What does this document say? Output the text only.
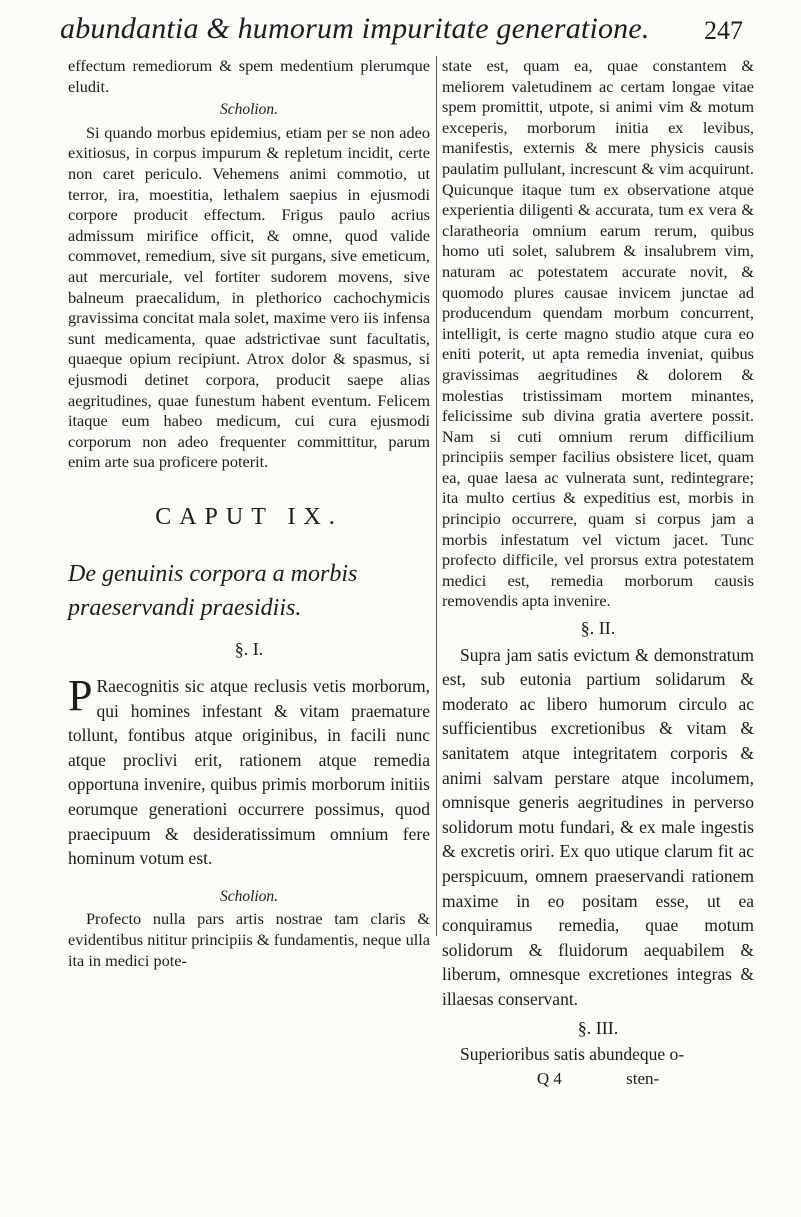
abundantia & humorum impuritate generatione. 247

effectum remediorum & spem medentium plerumque eludit.

Scholion.

Si quando morbus epidemius, etiam per se non adeo exitiosus, in corpus impurum & repletum incidit, certe non caret periculo. Vehemens animi commotio, ut terror, ira, moestitia, lethalem saepius in ejusmodi corpore producit effectum. Frigus paulo acrius admissum mirifice officit, & omne, quod valide commovet, remedium, sive sit purgans, sive emeticum, aut mercuriale, vel fortiter sudorem movens, sive balneum praecalidum, in plethorico cachochymicis gravissima concitat mala solet, maxime vero iis infensa sunt medicamenta, quae adstrictivae sunt facultatis, quaeque opium recipiunt. Atrox dolor & spasmus, si ejusmodi detinet corpora, producit saepe alias aegritudines, quae funestum habent eventum. Felicem itaque eum habeo medicum, cui cura ejusmodi corporum non adeo frequenter committitur, parum enim arte sua proficere poterit.

CAPUT IX.
De genuinis corpora a morbis praeservandi praesidiis.
§. I.
P Raecognitis sic atque reclusis vetis morborum, qui homines infestant & vitam praemature tollunt, fontibus atque originibus, in facili nunc atque proclivi erit, rationem atque remedia opportuna invenire, quibus primis morborum initiis eorumque generationi occurrere possimus, quod praecipuum & desideratissimum omnium fere hominum votum est.
Scholion.

Profecto nulla pars artis nostrae tam claris & evidentibus nititur principiis & fundamentis, neque ulla ita in medici pote-

state est, quam ea, quae constantem & meliorem valetudinem ac certam longae vitae spem promittit, utpote, si animi vim & motum exceperis, morborum initia ex levibus, manifestis, externis & mere physicis causis paulatim pullulant, increscunt & vim acquirunt. Quicunque itaque tum ex observatione atque experientia diligenti & accurata, tum ex vera & claratheoria omnium earum rerum, quibus homo uti solet, salubrem & insalubrem vim, naturam ac potestatem accurate novit, & quomodo plures causae invicem junctae ad producendum quendam morbum concurrent, intelligit, is certe magno studio atque cura eo eniti poterit, ut apta remedia inveniat, quibus gravissimas aegritudines & dolorem & molestias tristissimam mortem minantes, felicissime sub divina gratia avertere possit. Nam si cuti omnium rerum difficilium principiis semper facilius obsistere licet, quam ea, quae laesa ac vulnerata sunt, redintegrare; ita multo certius & expeditius est, morbis in principio occurrere, quam si corpus jam a morbis infestatum vel victum jacet. Tunc profecto difficile, vel prorsus extra potestatem medici est, remedia morborum causis removendis apta invenire.

§. II.

Supra jam satis evictum & demonstratum est, sub eutonia partium solidarum & moderato ac libero humorum circulo ac sufficientibus excretionibus & vitam & sanitatem atque integritatem corporis & animi salvam perstare atque incolumem, omnisque generis aegritudines in perverso solidorum motu fundari, & ex male ingestis & excretis oriri. Ex quo utique clarum fit ac perspicuum, omnem praeservandi rationem maxime in eo positam esse, ut ea conquiramus remedia, quae motum solidorum & fluidorum aequabilem & liberum, omnesque excretiones integras & illaesas conservant.

§. III.

Superioribus satis abundeque o-

Q 4	sten-
